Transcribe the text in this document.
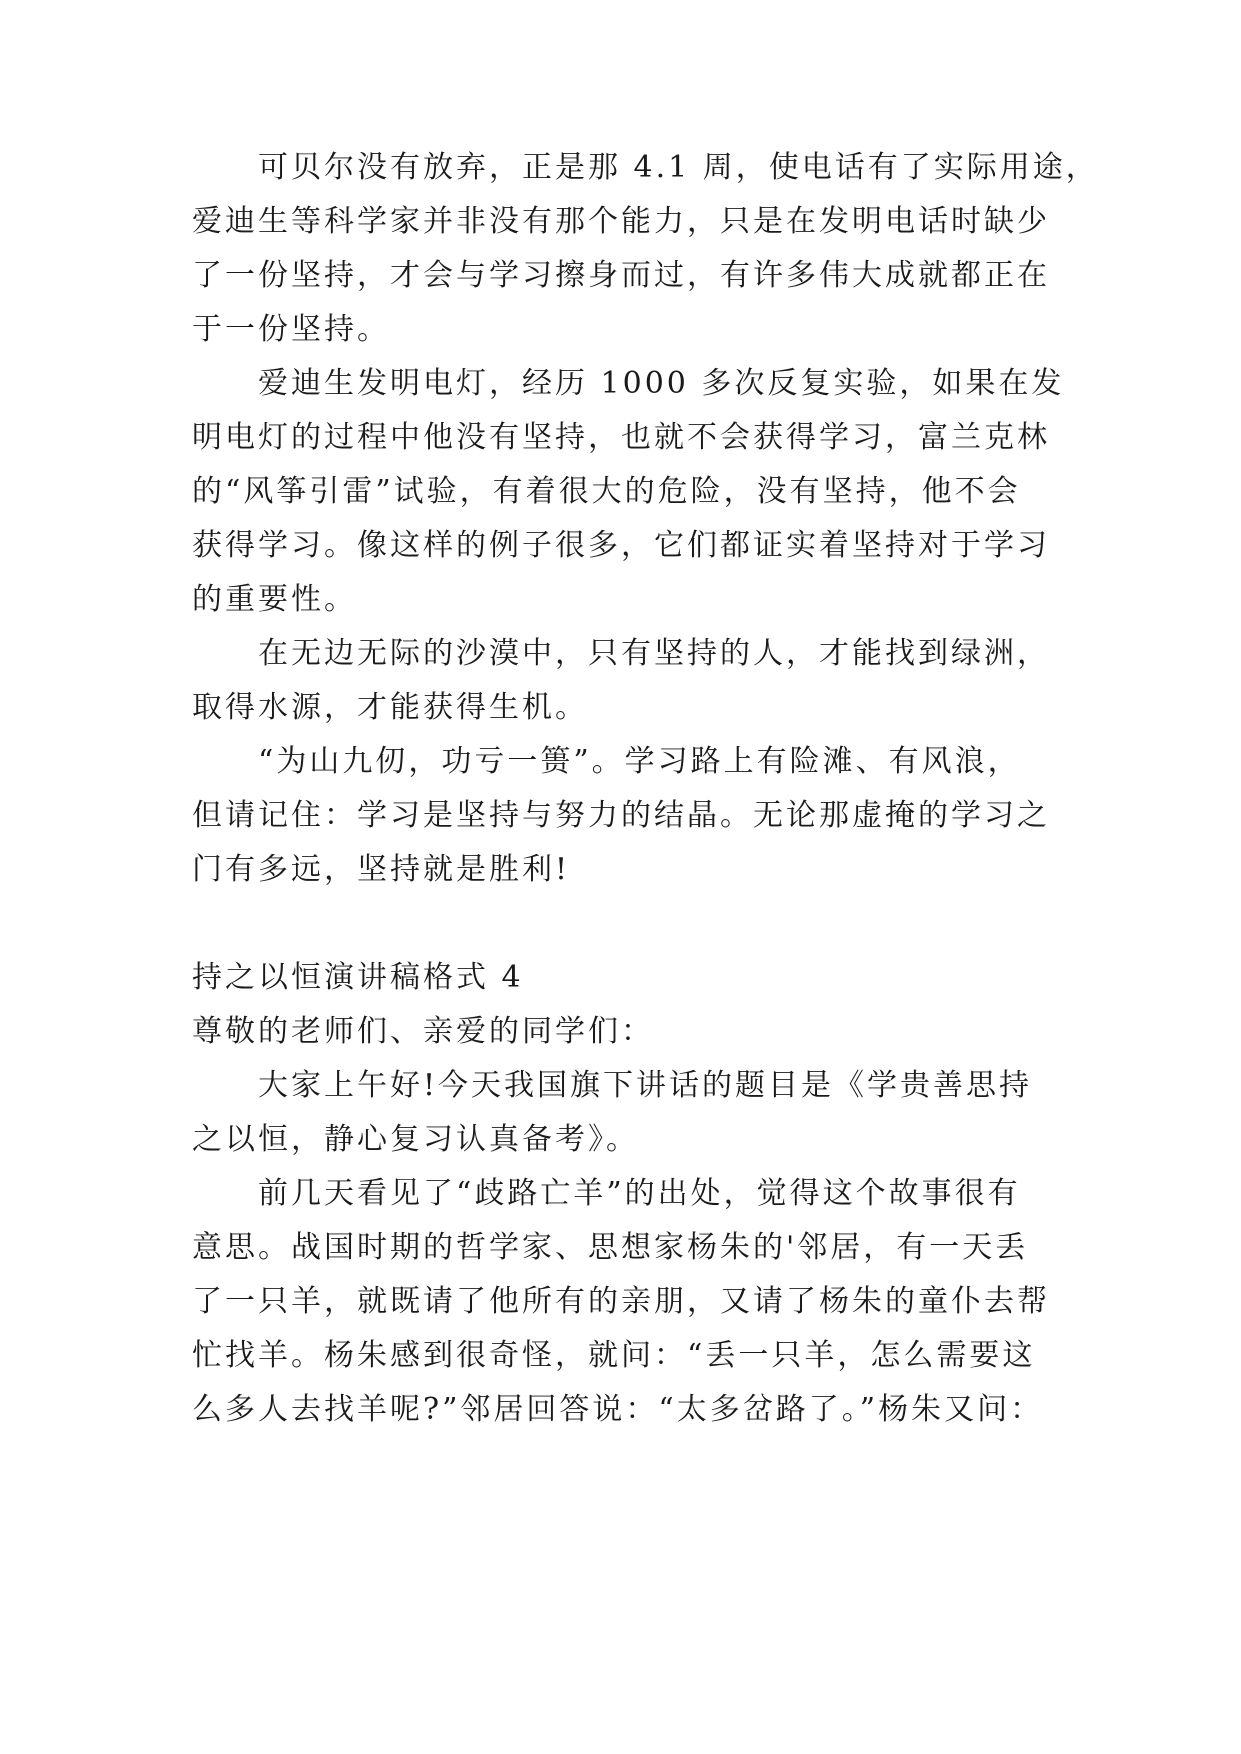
可贝尔没有放弃，正是那 4.1 周，使电话有了实际用途，
爱迪生等科学家并非没有那个能力，只是在发明电话时缺少
了一份坚持，才会与学习擦身而过，有许多伟大成就都正在
于一份坚持。
爱迪生发明电灯，经历 1000 多次反复实验，如果在发
明电灯的过程中他没有坚持，也就不会获得学习，富兰克林
的“风筝引雷”试验，有着很大的危险，没有坚持，他不会
获得学习。像这样的例子很多，它们都证实着坚持对于学习
的重要性。
在无边无际的沙漠中，只有坚持的人，才能找到绿洲，
取得水源，才能获得生机。
“为山九仞，功亏一篑”。学习路上有险滩、有风浪，
但请记住：学习是坚持与努力的结晶。无论那虚掩的学习之
门有多远，坚持就是胜利!
持之以恒演讲稿格式 4
尊敬的老师们、亲爱的同学们：
大家上午好!今天我国旗下讲话的题目是《学贵善思持
之以恒，静心复习认真备考》。
前几天看见了“歧路亡羊”的出处，觉得这个故事很有
意思。战国时期的哲学家、思想家杨朱的'邻居，有一天丢
了一只羊，就既请了他所有的亲朋，又请了杨朱的童仆去帮
忙找羊。杨朱感到很奇怪，就问：“丢一只羊，怎么需要这
么多人去找羊呢?”邻居回答说：“太多岔路了。”杨朱又问：
